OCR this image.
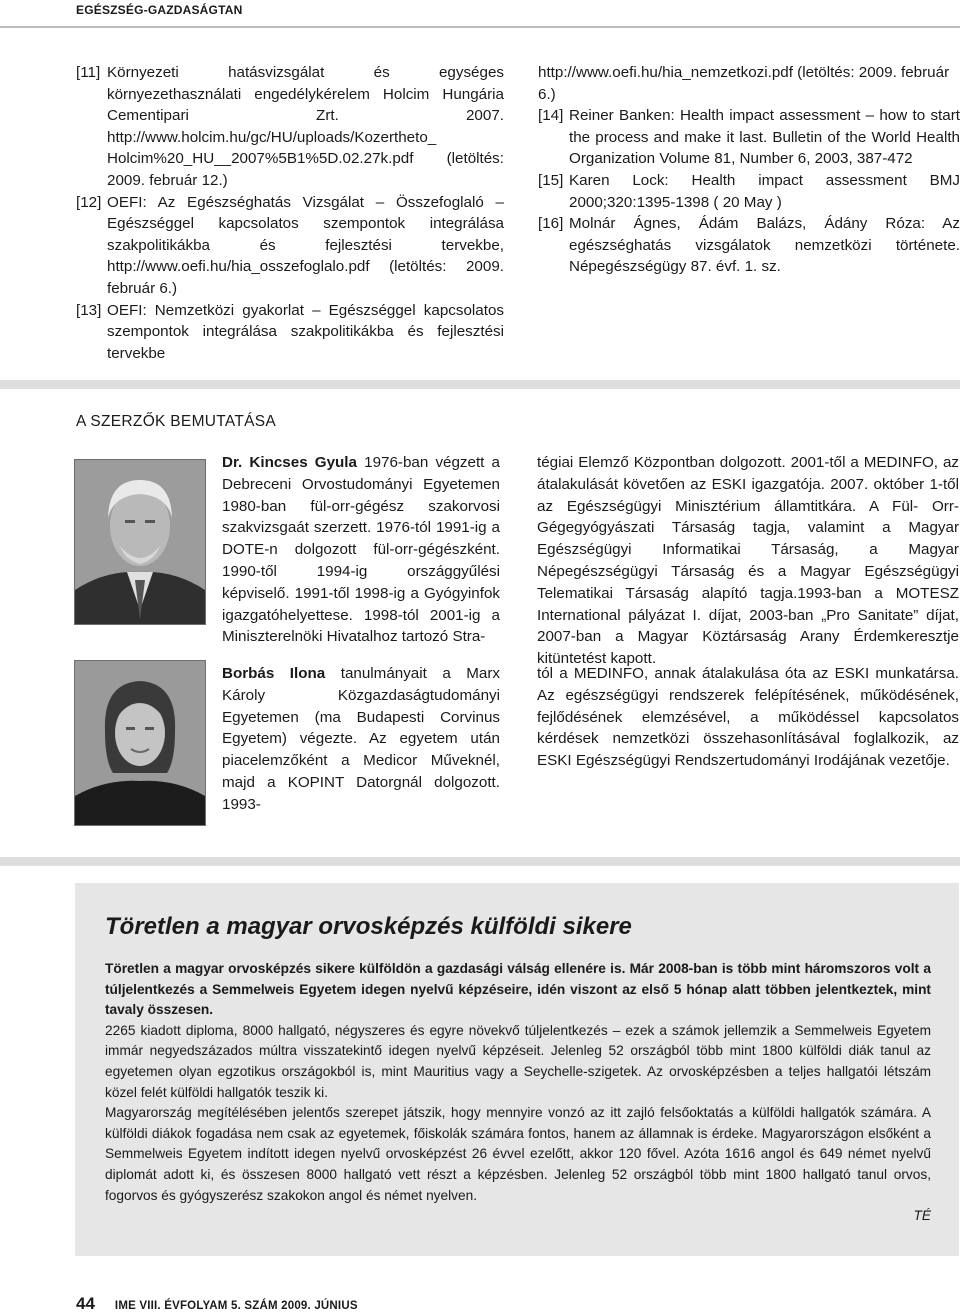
EGÉSZSÉG-GAZDASÁGTAN
[11] Környezeti hatásvizsgálat és egységes környezethasználati engedélykérelem Holcim Hungária Cementipari Zrt. 2007. http://www.holcim.hu/gc/HU/uploads/Kozertheto_ Holcim%20_HU__2007%5B1%5D.02.27k.pdf (letöltés: 2009. február 12.)
[12] OEFI: Az Egészséghatás Vizsgálat – Összefoglaló – Egészséggel kapcsolatos szempontok integrálása szakpolitikákba és fejlesztési tervekbe, http://www.oefi.hu/hia_osszefoglalo.pdf (letöltés: 2009. február 6.)
[13] OEFI: Nemzetközi gyakorlat – Egészséggel kapcsolatos szempontok integrálása szakpolitikákba és fejlesztési tervekbe
http://www.oefi.hu/hia_nemzetkozi.pdf (letöltés: 2009. február 6.)
[14] Reiner Banken: Health impact assessment – how to start the process and make it last. Bulletin of the World Health Organization Volume 81, Number 6, 2003, 387-472
[15] Karen Lock: Health impact assessment BMJ 2000;320:1395-1398 ( 20 May )
[16] Molnár Ágnes, Ádám Balázs, Ádány Róza: Az egészséghatás vizsgálatok nemzetközi története. Népegészségügy 87. évf. 1. sz.
A SZERZŐK BEMUTATÁSA
Dr. Kincses Gyula 1976-ban végzett a Debreceni Orvostudományi Egyetemen 1980-ban fül-orr-gégész szakorvosi szakvizsgaát szerzett. 1976-tól 1991-ig a DOTE-n dolgozott fül-orr-gégészként. 1990-től 1994-ig országgyűlési képviselő. 1991-től 1998-ig a Gyógyinfok igazgatóhelyettese. 1998-tól 2001-ig a Miniszterelnöki Hivatalhoz tartozó Stra-
tégiai Elemző Központban dolgozott. 2001-től a MEDINFO, az átalakulását követően az ESKI igazgatója. 2007. október 1-től az Egészségügyi Minisztérium államtitkára. A Fül- Orr- Gégegyógyászati Társaság tagja, valamint a Magyar Egészségügyi Informatikai Társaság, a Magyar Népegészségügyi Társaság és a Magyar Egészségügyi Telematikai Társaság alapító tagja.1993-ban a MOTESZ International pályázat I. díjat, 2003-ban „Pro Sanitate” díjat, 2007-ban a Magyar Köztársaság Arany Érdemkeresztje kitüntetést kapott.
Borbás Ilona tanulmányait a Marx Károly Közgazdaságtudományi Egyetemen (ma Budapesti Corvinus Egyetem) végezte. Az egyetem után piacelemzőként a Medicor Műveknél, majd a KOPINT Datorgnál dolgozott. 1993-
tól a MEDINFO, annak átalakulása óta az ESKI munkatársa. Az egészségügyi rendszerek felépítésének, működésének, fejlődésének elemzésével, a működéssel kapcsolatos kérdések nemzetközi összehasonlításával foglalkozik, az ESKI Egészségügyi Rendszertudományi Irodájának vezetője.
Töretlen a magyar orvosképzés külföldi sikere

Töretlen a magyar orvosképzés sikere külföldön a gazdasági válság ellenére is. Már 2008-ban is több mint háromszoros volt a túljelentkezés a Semmelweis Egyetem idegen nyelvű képzéseire, idén viszont az első 5 hónap alatt többen jelentkeztek, mint tavaly összesen.

2265 kiadott diploma, 8000 hallgató, négyszeres és egyre növekvő túljelentkezés – ezek a számok jellemzik a Semmelweis Egyetem immár negyedszázados múltra visszatekintő idegen nyelvű képzéseit. Jelenleg 52 országból több mint 1800 külföldi diák tanul az egyetemen olyan egzotikus országokból is, mint Mauritius vagy a Seychelle-szigetek. Az orvosképzésben a teljes hallgatói létszám közel felét külföldi hallgatók teszik ki.

Magyarország megítélésében jelentős szerepet játszik, hogy mennyire vonzó az itt zajló felsőoktatás a külföldi hallgatók számára. A külföldi diákok fogadása nem csak az egyetemek, főiskolák számára fontos, hanem az államnak is érdeke. Magyarországon elsőként a Semmelweis Egyetem indított idegen nyelvű orvosképzést 26 évvel ezelőtt, akkor 120 fővel. Azóta 1616 angol és 649 német nyelvű diplomát adott ki, és összesen 8000 hallgató vett részt a képzésben. Jelenleg 52 országból több mint 1800 hallgató tanul orvos, fogorvos és gyógyszerész szakokon angol és német nyelven.

TÉ

44 IME VIII. ÉVFOLYAM 5. SZÁM 2009. JÚNIUS
